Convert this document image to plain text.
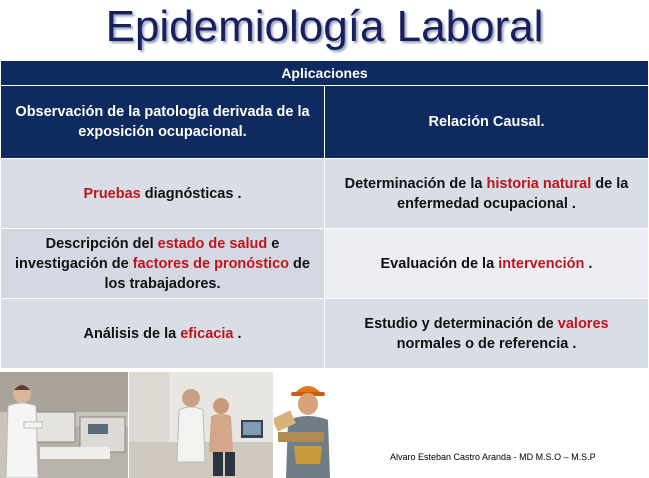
Epidemiología Laboral
Aplicaciones	
Observación de la patología derivada de la exposición ocupacional.	Relación Causal.
Pruebas diagnósticas .	Determinación de la historia natural de la enfermedad ocupacional .
Descripción del estado de salud e investigación de factores de pronóstico de los trabajadores.	Evaluación de la intervención .
Análisis de la eficacia .	Estudio y determinación de valores normales o de referencia .
Alvaro Esteban Castro Aranda - MD M.S.O – M.S.P
